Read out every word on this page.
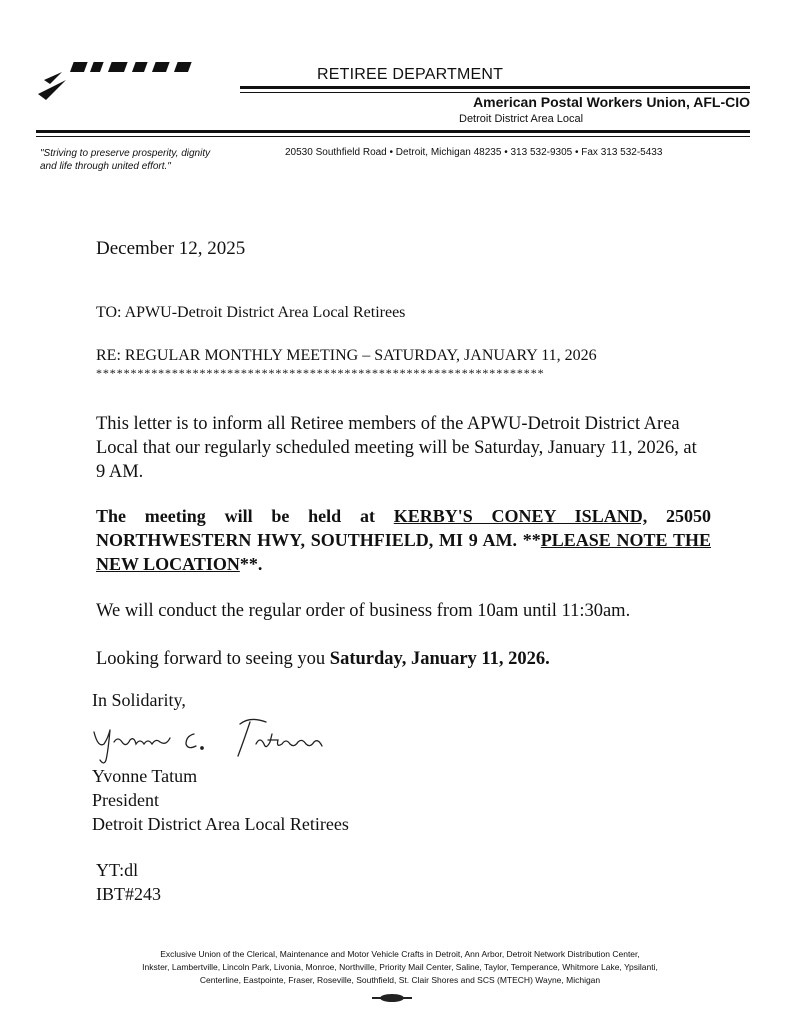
RETIREE DEPARTMENT
American Postal Workers Union, AFL-CIO
Detroit District Area Local
"Striving to preserve prosperity, dignity
and life through united effort."
20530 Southfield Road • Detroit, Michigan 48235 • 313 532-9305 • Fax 313 532-5433
December 12, 2025
TO: APWU-Detroit District Area Local Retirees
RE: REGULAR MONTHLY MEETING – SATURDAY, JANUARY 11, 2026
*****************************************************************
This letter is to inform all Retiree members of the APWU-Detroit District Area Local that our regularly scheduled meeting will be Saturday, January 11, 2026, at 9 AM.
The meeting will be held at KERBY'S CONEY ISLAND, 25050 NORTHWESTERN HWY, SOUTHFIELD, MI 9 AM. **PLEASE NOTE THE NEW LOCATION**.
We will conduct the regular order of business from 10am until 11:30am.
Looking forward to seeing you Saturday, January 11, 2026.
In Solidarity,
Yvonne Tatum
President
Detroit District Area Local Retirees
YT:dl
IBT#243
Exclusive Union of the Clerical, Maintenance and Motor Vehicle Crafts in Detroit, Ann Arbor, Detroit Network Distribution Center,
Inkster, Lambertville, Lincoln Park, Livonia, Monroe, Northville, Priority Mail Center, Saline, Taylor, Temperance, Whitmore Lake, Ypsilanti,
Centerline, Eastpointe, Fraser, Roseville, Southfield, St. Clair Shores and SCS (MTECH) Wayne, Michigan
